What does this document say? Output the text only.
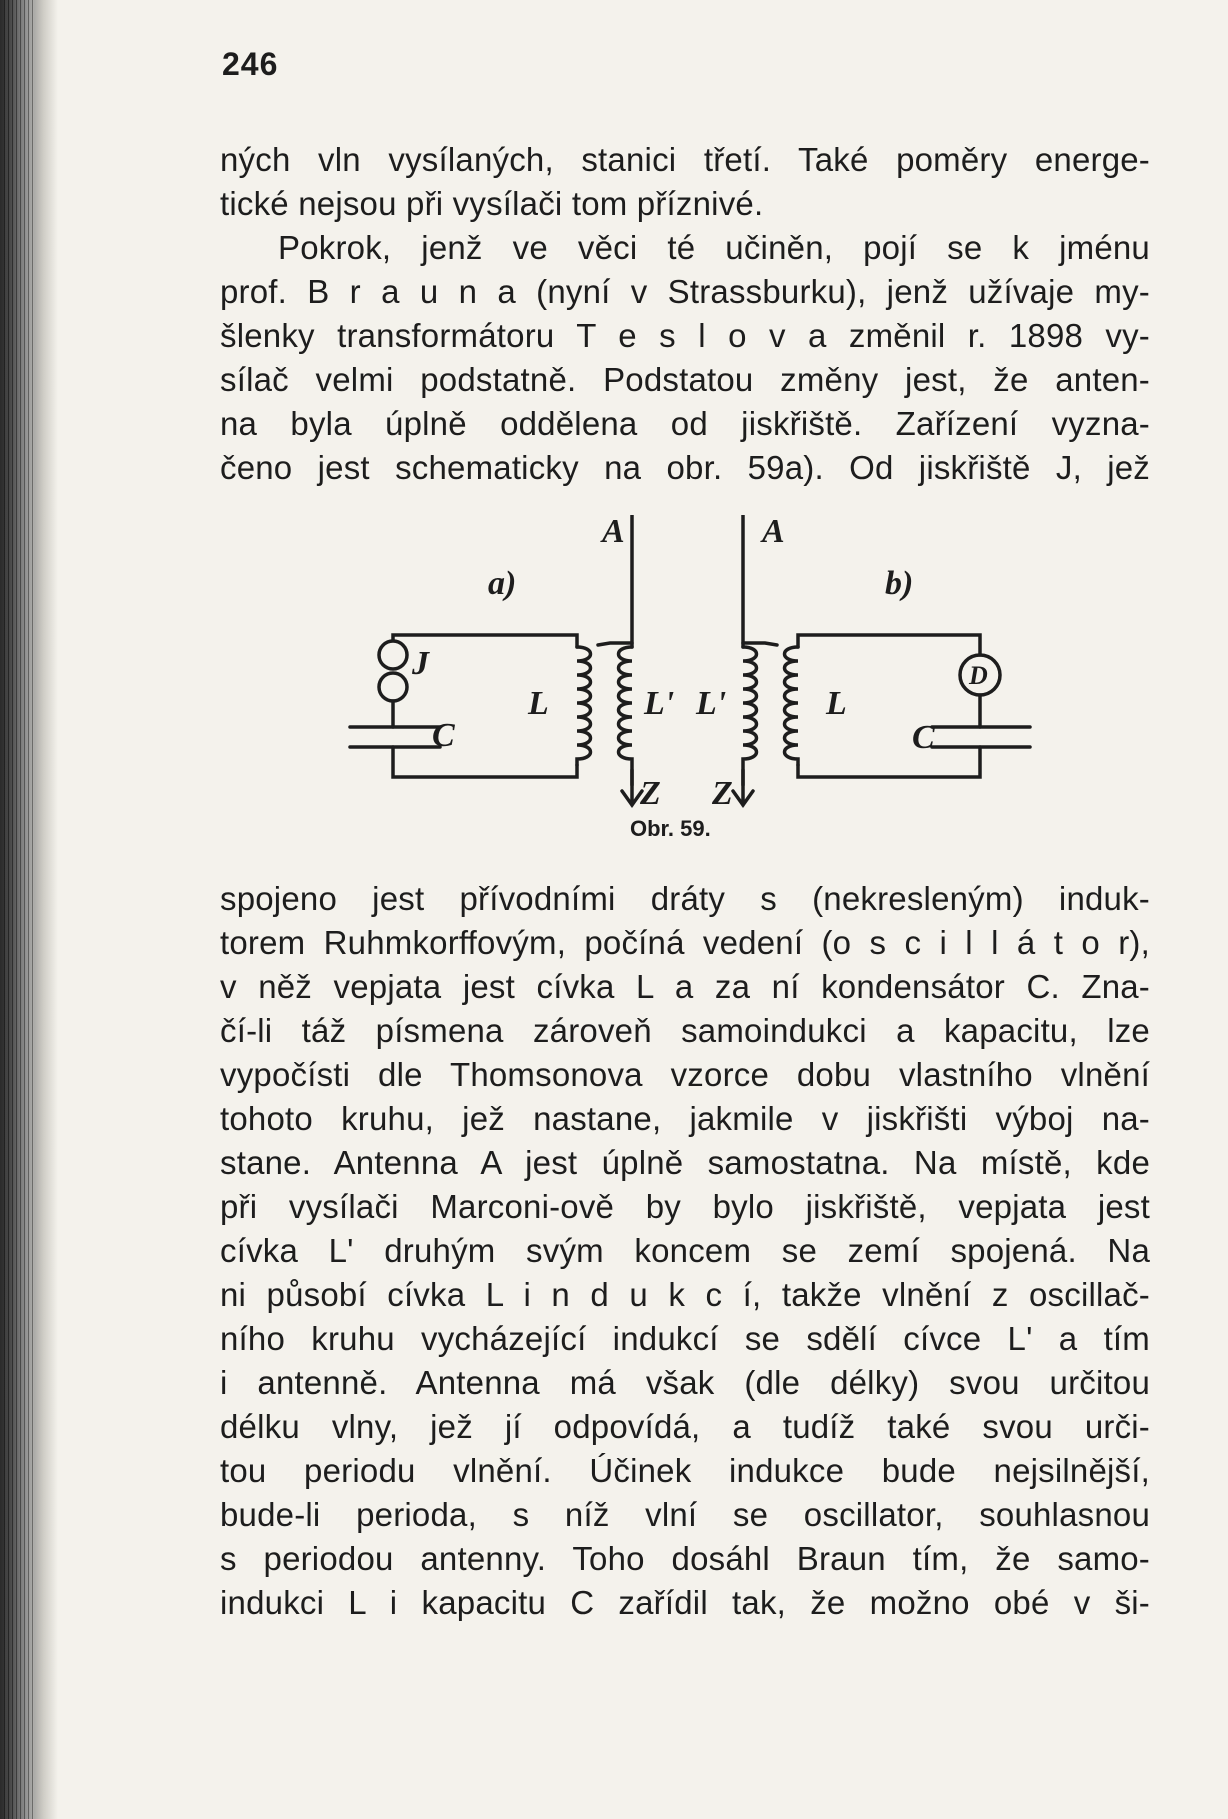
246
ných vln vysílaných, stanici třetí. Také poměry energe-
tické nejsou při vysílači tom příznivé.
Pokrok, jenž ve věci té učiněn, pojí se k jménu
prof. B r a u n a (nyní v Strassburku), jenž užívaje my-
šlenky transformátoru T e s l o v a změnil r. 1898 vy-
sílač velmi podstatně. Podstatou změny jest, že anten-
na byla úplně oddělena od jiskřiště. Zařízení vyzna-
čeno jest schematicky na obr. 59a). Od jiskřiště J, jež
a)	b)
A	A
J	D
L	L' L'	L
C	C
Z Z
Obr. 59.
spojeno jest přívodními dráty s (nekresleným) induk-
torem Ruhmkorffovým, počíná vedení (o s c i l l á t o r),
v něž vepjata jest cívka L a za ní kondensátor C. Zna-
čí-li táž písmena zároveň samoindukci a kapacitu, lze
vypočísti dle Thomsonova vzorce dobu vlastního vlnění
tohoto kruhu, jež nastane, jakmile v jiskřišti výboj na-
stane. Antenna A jest úplně samostatna. Na místě, kde
při vysílači Marconi-ově by bylo jiskřiště, vepjata jest
cívka L' druhým svým koncem se zemí spojená. Na
ni působí cívka L i n d u k c í, takže vlnění z oscillač-
ního kruhu vycházející indukcí se sdělí cívce L' a tím
i antenně. Antenna má však (dle délky) svou určitou
délku vlny, jež jí odpovídá, a tudíž také svou urči-
tou periodu vlnění. Účinek indukce bude nejsilnější,
bude-li perioda, s níž vlní se oscillator, souhlasnou
s periodou antenny. Toho dosáhl Braun tím, že samo-
indukci L i kapacitu C zařídil tak, že možno obé v ši-
